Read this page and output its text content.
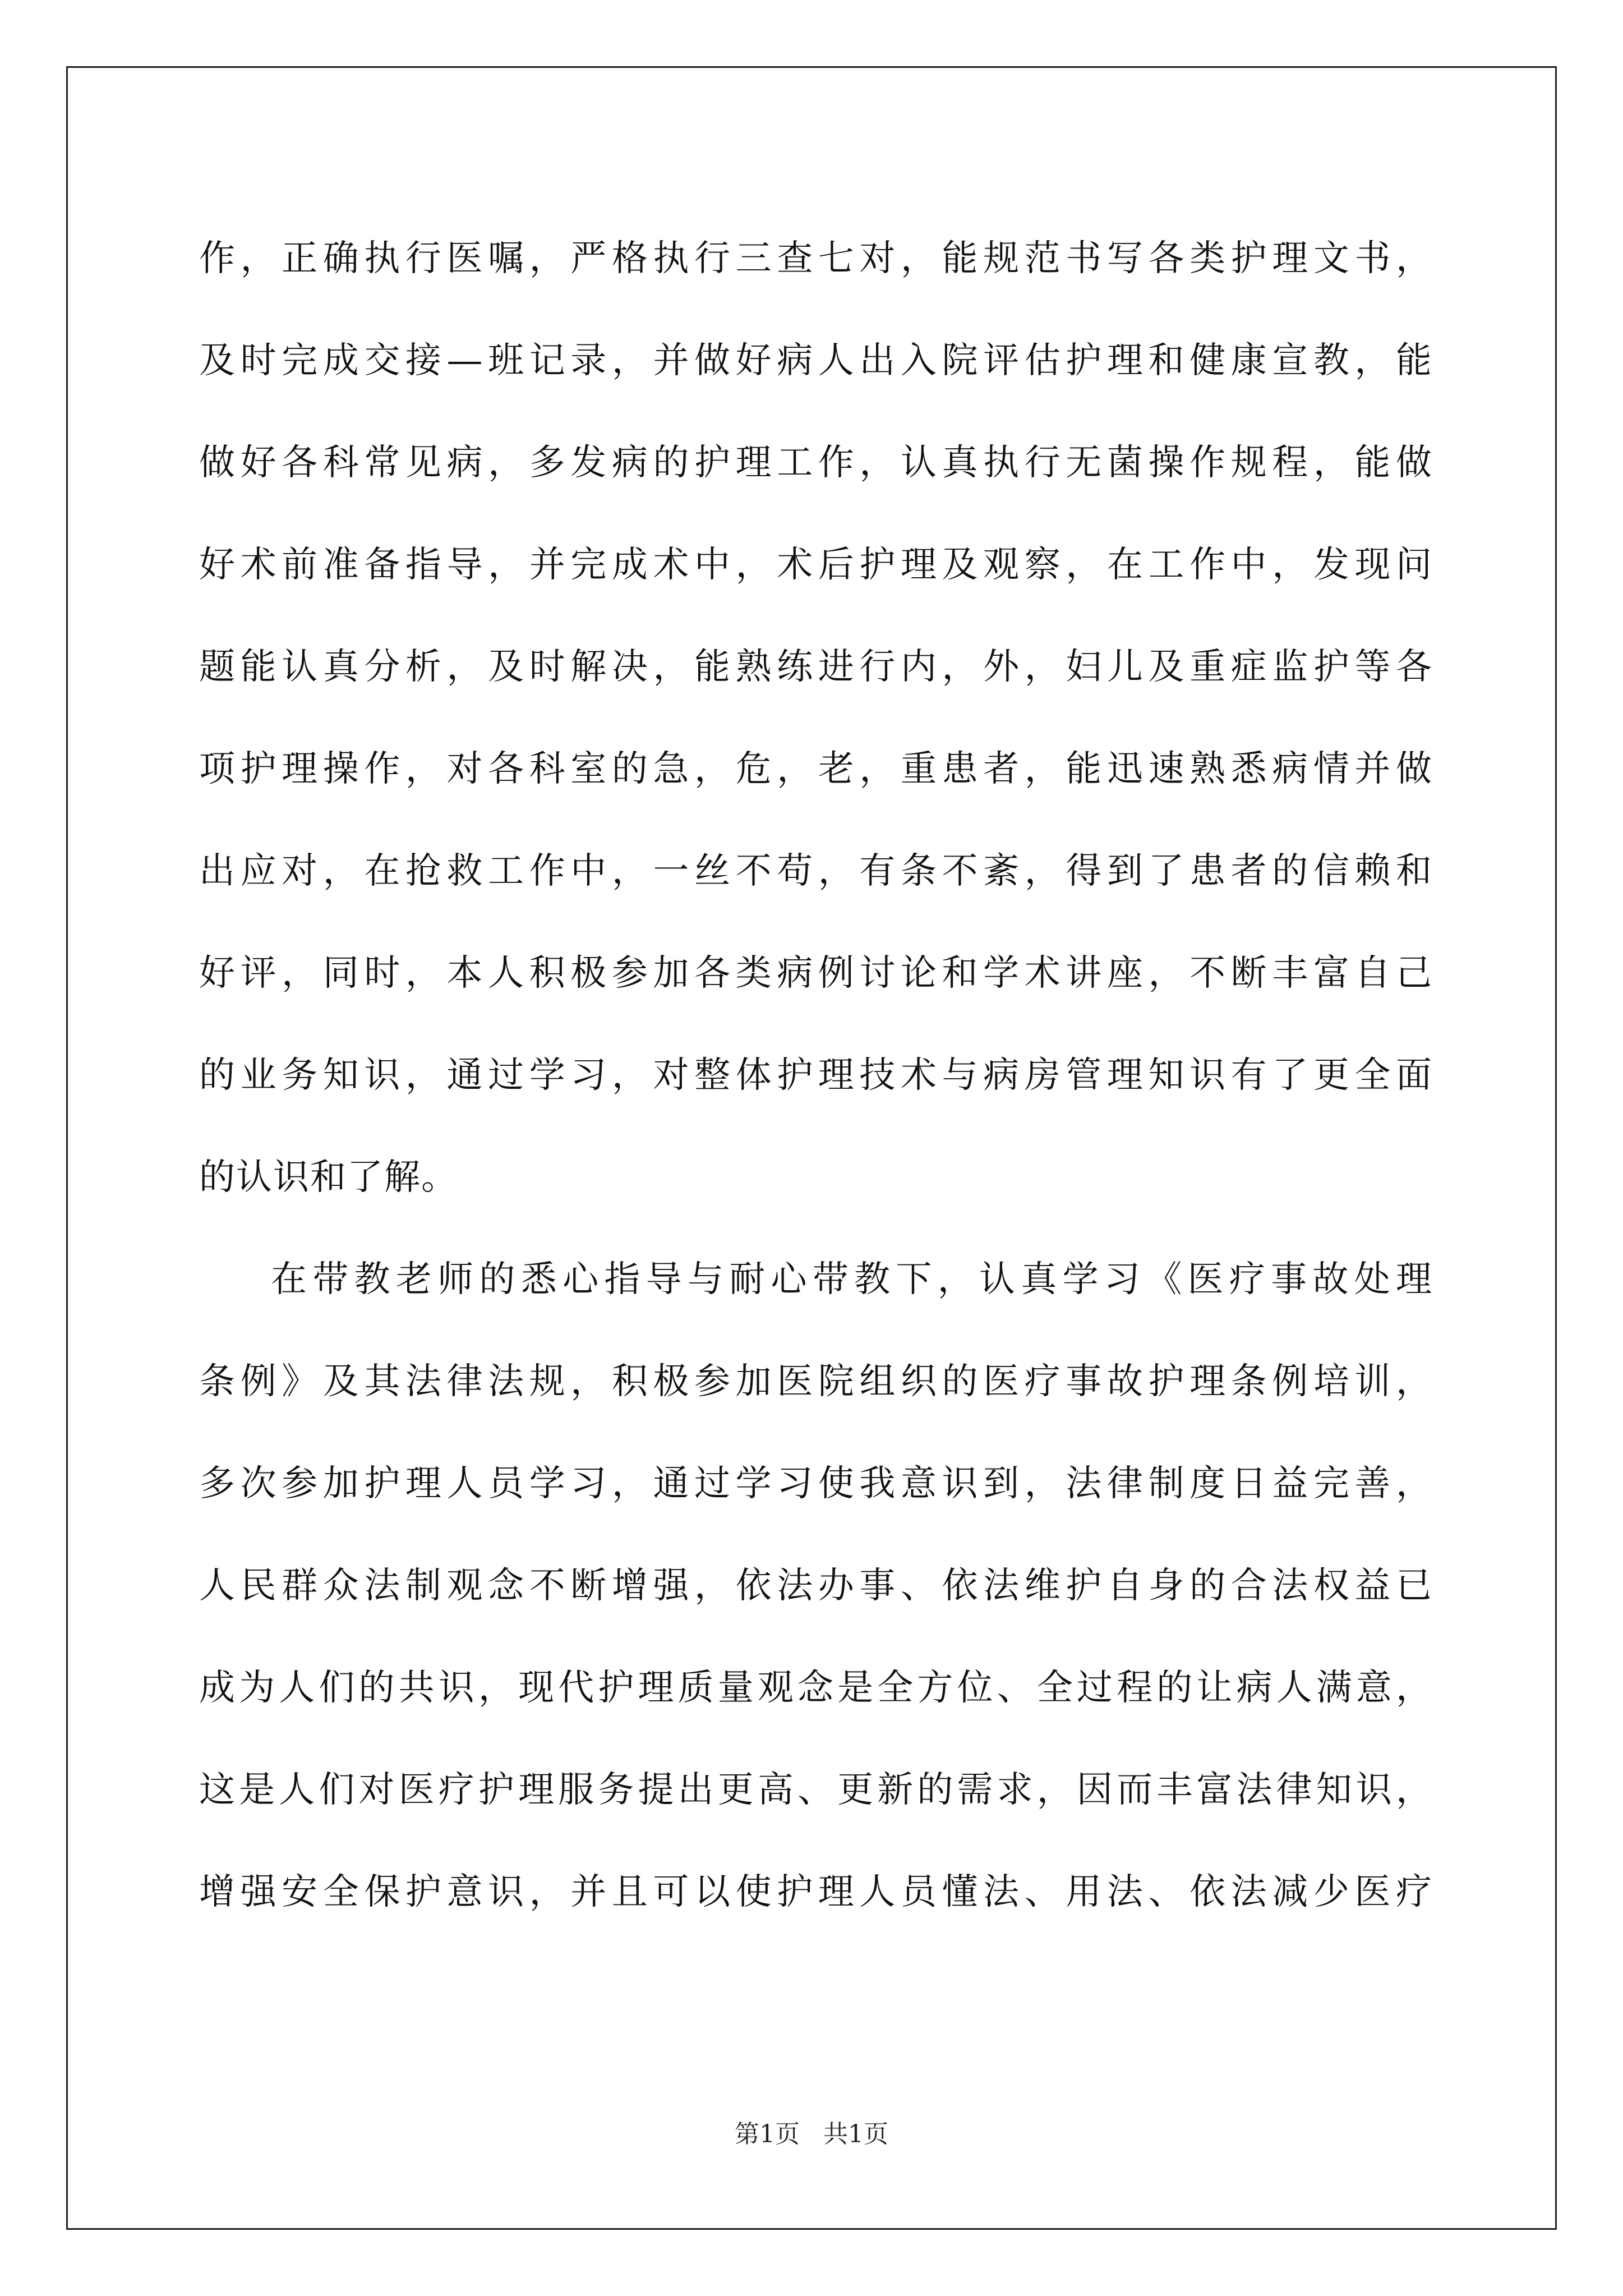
作，正确执行医嘱，严格执行三查七对，能规范书写各类护理文书，
及时完成交接—班记录，并做好病人出入院评估护理和健康宣教，能
做好各科常见病，多发病的护理工作，认真执行无菌操作规程，能做
好术前准备指导，并完成术中，术后护理及观察，在工作中，发现问
题能认真分析，及时解决，能熟练进行内，外，妇儿及重症监护等各
项护理操作，对各科室的急，危，老，重患者，能迅速熟悉病情并做
出应对，在抢救工作中，一丝不苟，有条不紊，得到了患者的信赖和
好评，同时，本人积极参加各类病例讨论和学术讲座，不断丰富自己
的业务知识，通过学习，对整体护理技术与病房管理知识有了更全面
的认识和了解。

在带教老师的悉心指导与耐心带教下，认真学习《医疗事故处理
条例》及其法律法规，积极参加医院组织的医疗事故护理条例培训，
多次参加护理人员学习，通过学习使我意识到，法律制度日益完善，
人民群众法制观念不断增强，依法办事、依法维护自身的合法权益已
成为人们的共识，现代护理质量观念是全方位、全过程的让病人满意，
这是人们对医疗护理服务提出更高、更新的需求，因而丰富法律知识，
增强安全保护意识，并且可以使护理人员懂法、用法、依法减少医疗

第1页 共1页
